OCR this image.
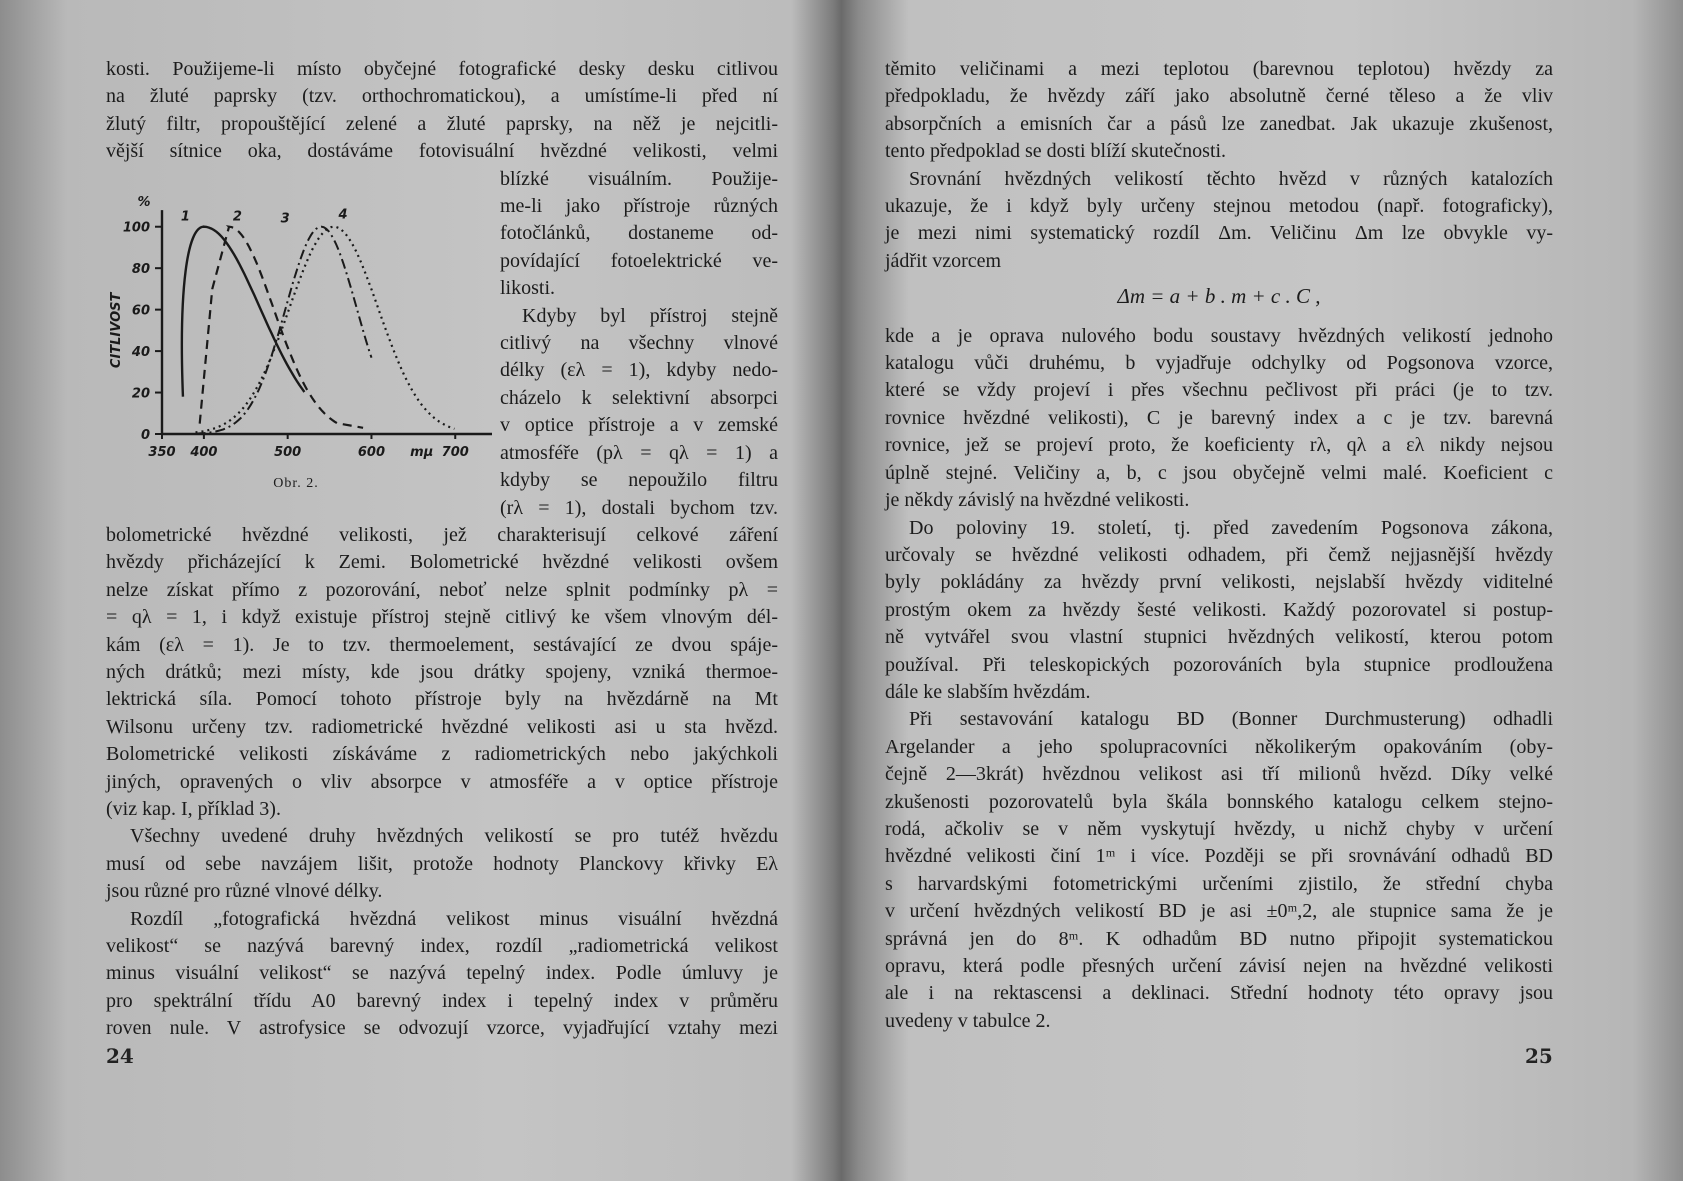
kosti. Použijeme-li místo obyčejné fotografické desky desku citlivou
na žluté paprsky (tzv. orthochromatickou), a umístíme-li před ní
žlutý filtr, propouštějící zelené a žluté paprsky, na něž je nejcitli-
vější sítnice oka, dostáváme fotovisuální hvězdné velikosti, velmi
0
20
40
60
80
100
350 400	500	600	700
%
mμ
CITLIVOST
1	2	3	4
Obr. 2.
blízké visuálním. Použije-
me-li jako přístroje různých
fotočlánků, dostaneme od-
povídající fotoelektrické ve-
likosti.
Kdyby byl přístroj stejně
citlivý na všechny vlnové
délky (ελ = 1), kdyby nedo-
cházelo k selektivní absorpci
v optice přístroje a v zemské
atmosféře (pλ = qλ = 1) a
kdyby se nepoužilo filtru
(rλ = 1), dostali bychom tzv.
bolometrické hvězdné velikosti, jež charakterisují celkové záření
hvězdy přicházející k Zemi. Bolometrické hvězdné velikosti ovšem
nelze získat přímo z pozorování, neboť nelze splnit podmínky pλ =
= qλ = 1, i když existuje přístroj stejně citlivý ke všem vlnovým dél-
kám (ελ = 1). Je to tzv. thermoelement, sestávající ze dvou spáje-
ných drátků; mezi místy, kde jsou drátky spojeny, vzniká thermoe-
lektrická síla. Pomocí tohoto přístroje byly na hvězdárně na Mt
Wilsonu určeny tzv. radiometrické hvězdné velikosti asi u sta hvězd.
Bolometrické velikosti získáváme z radiometrických nebo jakýchkoli
jiných, opravených o vliv absorpce v atmosféře a v optice přístroje
(viz kap. I, příklad 3).
Všechny uvedené druhy hvězdných velikostí se pro tutéž hvězdu
musí od sebe navzájem lišit, protože hodnoty Planckovy křivky Eλ
jsou různé pro různé vlnové délky.
Rozdíl „fotografická hvězdná velikost minus visuální hvězdná
velikost“ se nazývá barevný index, rozdíl „radiometrická velikost
minus visuální velikost“ se nazývá tepelný index. Podle úmluvy je
pro spektrální třídu A0 barevný index i tepelný index v průměru
roven nule. V astrofysice se odvozují vzorce, vyjadřující vztahy mezi
24
těmito veličinami a mezi teplotou (barevnou teplotou) hvězdy za
předpokladu, že hvězdy září jako absolutně černé těleso a že vliv
absorpčních a emisních čar a pásů lze zanedbat. Jak ukazuje zkušenost,
tento předpoklad se dosti blíží skutečnosti.
Srovnání hvězdných velikostí těchto hvězd v různých katalozích
ukazuje, že i když byly určeny stejnou metodou (např. fotograficky),
je mezi nimi systematický rozdíl Δm. Veličinu Δm lze obvykle vy-
jádřit vzorcem
Δm = a + b . m + c . C ,
kde a je oprava nulového bodu soustavy hvězdných velikostí jednoho
katalogu vůči druhému, b vyjadřuje odchylky od Pogsonova vzorce,
které se vždy projeví i přes všechnu pečlivost při práci (je to tzv.
rovnice hvězdné velikosti), C je barevný index a c je tzv. barevná
rovnice, jež se projeví proto, že koeficienty rλ, qλ a ελ nikdy nejsou
úplně stejné. Veličiny a, b, c jsou obyčejně velmi malé. Koeficient c
je někdy závislý na hvězdné velikosti.
Do poloviny 19. století, tj. před zavedením Pogsonova zákona,
určovaly se hvězdné velikosti odhadem, při čemž nejjasnější hvězdy
byly pokládány za hvězdy první velikosti, nejslabší hvězdy viditelné
prostým okem za hvězdy šesté velikosti. Každý pozorovatel si postup-
ně vytvářel svou vlastní stupnici hvězdných velikostí, kterou potom
používal. Při teleskopických pozorováních byla stupnice prodloužena
dále ke slabším hvězdám.
Při sestavování katalogu BD (Bonner Durchmusterung) odhadli
Argelander a jeho spolupracovníci několikerým opakováním (oby-
čejně 2—3krát) hvězdnou velikost asi tří milionů hvězd. Díky velké
zkušenosti pozorovatelů byla škála bonnského katalogu celkem stejno-
rodá, ačkoliv se v něm vyskytují hvězdy, u nichž chyby v určení
hvězdné velikosti činí 1ᵐ i více. Později se při srovnávání odhadů BD
s harvardskými fotometrickými určeními zjistilo, že střední chyba
v určení hvězdných velikostí BD je asi ±0ᵐ,2, ale stupnice sama že je
správná jen do 8ᵐ. K odhadům BD nutno připojit systematickou
opravu, která podle přesných určení závisí nejen na hvězdné velikosti
ale i na rektascensi a deklinaci. Střední hodnoty této opravy jsou
uvedeny v tabulce 2.
25
